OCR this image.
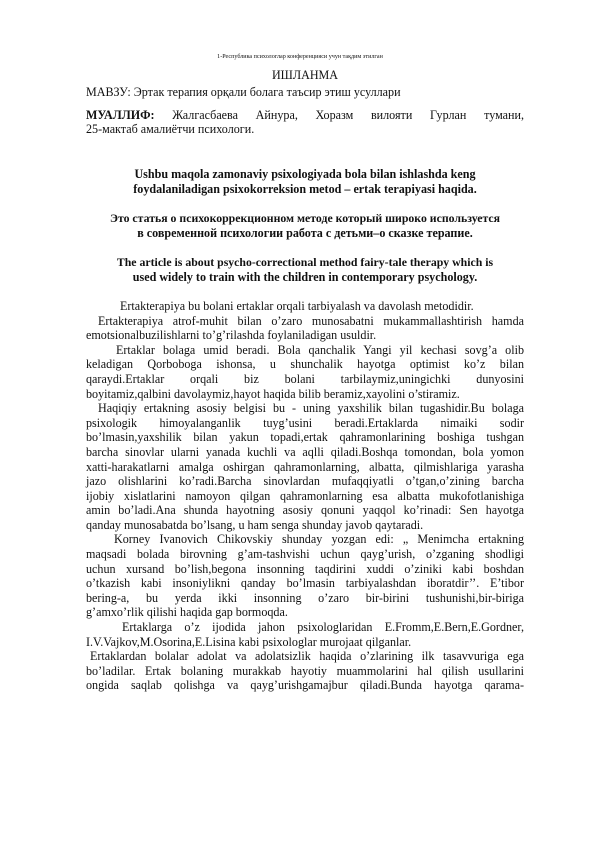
1-Республика психологлар конференцияси учун тақдим этилган
ИШЛАНМА
МАВЗУ: Эртак терапия орқали болага таъсир этиш усуллари
МУАЛЛИФ: Жалгасбаева Айнура, Хоразм вилояти Гурлан тумани,
25-мактаб амалиётчи психологи.
Ushbu maqola zamonaviy psixologiyada bola bilan ishlashda keng
foydalaniladigan psixokorreksion metod – ertak terapiyasi haqida.
Это статья о психокоррекционном методе который широко используется
в современной психологии работа с детьми–о сказке терапие.
The article is about psycho-correctional method fairy-tale therapy which is
used widely to train with the children in contemporary psychology.
Ertakterapiya bu bolani ertaklar orqali tarbiyalash va davolash metodidir.
Ertakterapiya atrof-muhit bilan o’zaro munosabatni mukammallashtirish hamda
emotsionalbuzilishlarni to’g’rilashda foylaniladigan usuldir.
Ertaklar bolaga umid beradi. Bola qanchalik Yangi yil kechasi sovg’a olib
keladigan Qorboboga ishonsa, u shunchalik hayotga optimist ko’z bilan
qaraydi.Ertaklar orqali biz bolani tarbilaymiz,uningichki dunyosini
boyitamiz,qalbini davolaymiz,hayot haqida bilib beramiz,xayolini o’stiramiz.
Haqiqiy ertakning asosiy belgisi bu - uning yaxshilik bilan tugashidir.Bu bolaga
psixologik himoyalanganlik tuyg’usini beradi.Ertaklarda nimaiki sodir
bo’lmasin,yaxshilik bilan yakun topadi,ertak qahramonlarining boshiga tushgan
barcha sinovlar ularni yanada kuchli va aqlli qiladi.Boshqa tomondan, bola yomon
xatti-harakatlarni amalga oshirgan qahramonlarning, albatta, qilmishlariga yarasha
jazo olishlarini ko’radi.Barcha sinovlardan mufaqqiyatli o’tgan,o’zining barcha
ijobiy xislatlarini namoyon qilgan qahramonlarning esa albatta mukofotlanishiga
amin bo’ladi.Ana shunda hayotning asosiy qonuni yaqqol ko’rinadi: Sen hayotga
qanday munosabatda bo’lsang, u ham senga shunday javob qaytaradi.
Korney Ivanovich Chikovskiy shunday yozgan edi: „ Menimcha ertakning
maqsadi bolada birovning g’am-tashvishi uchun qayg’urish, o’zganing shodligi
uchun xursand bo’lish,begona insonning taqdirini xuddi o’ziniki kabi boshdan
o’tkazish kabi insoniylikni qanday bo’lmasin tarbiyalashdan iboratdir’’. E’tibor
bering-a, bu yerda ikki insonning o’zaro bir-birini tushunishi,bir-biriga
g’amxo’rlik qilishi haqida gap bormoqda.
Ertaklarga o’z ijodida jahon psixologlaridan E.Fromm,E.Bern,E.Gordner,
I.V.Vajkov,M.Osorina,E.Lisina kabi psixologlar murojaat qilganlar.
Ertaklardan bolalar adolat va adolatsizlik haqida o’zlarining ilk tasavvuriga ega
bo’ladilar. Ertak bolaning murakkab hayotiy muammolarini hal qilish usullarini
ongida saqlab qolishga va qayg’urishgamajbur qiladi.Bunda hayotga qarama-
